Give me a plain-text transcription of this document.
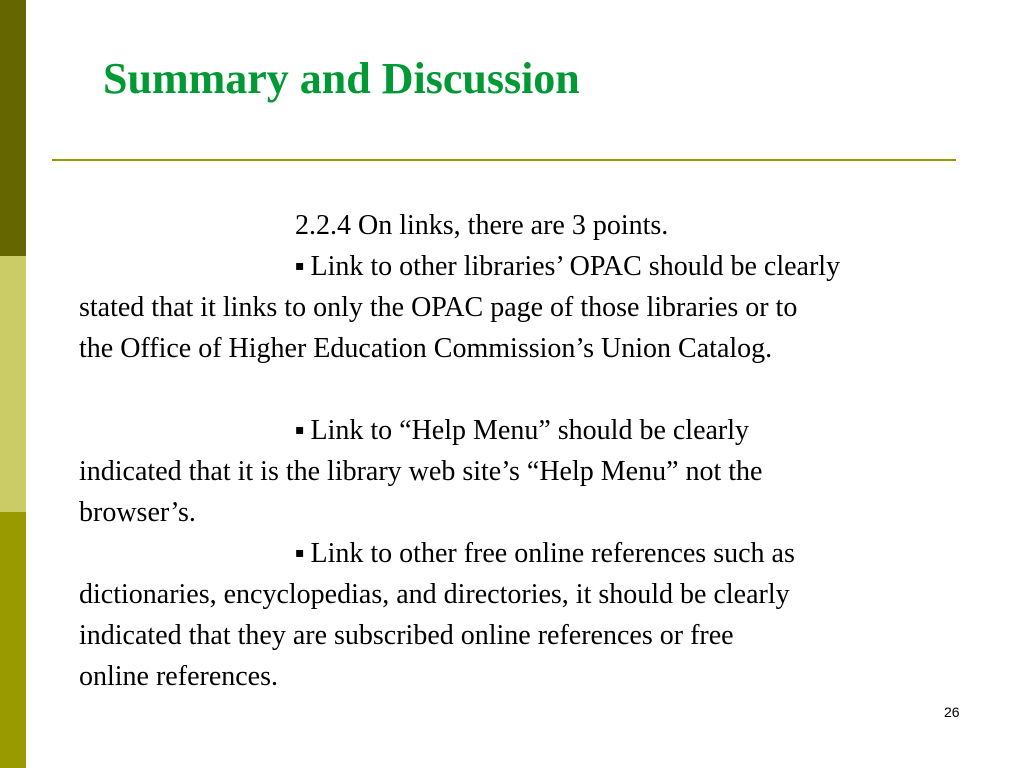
Summary and Discussion

2.2.4 On links, there are 3 points.

▪ Link to other libraries’ OPAC should be clearly

stated that it links to only the OPAC page of those libraries or to

the Office of Higher Education Commission’s Union Catalog.

▪ Link to “Help Menu” should be clearly

indicated that it is the library web site’s “Help Menu” not the

browser’s.

▪ Link to other free online references such as

dictionaries, encyclopedias, and directories, it should be clearly

indicated that they are subscribed online references or free

online references.

26
